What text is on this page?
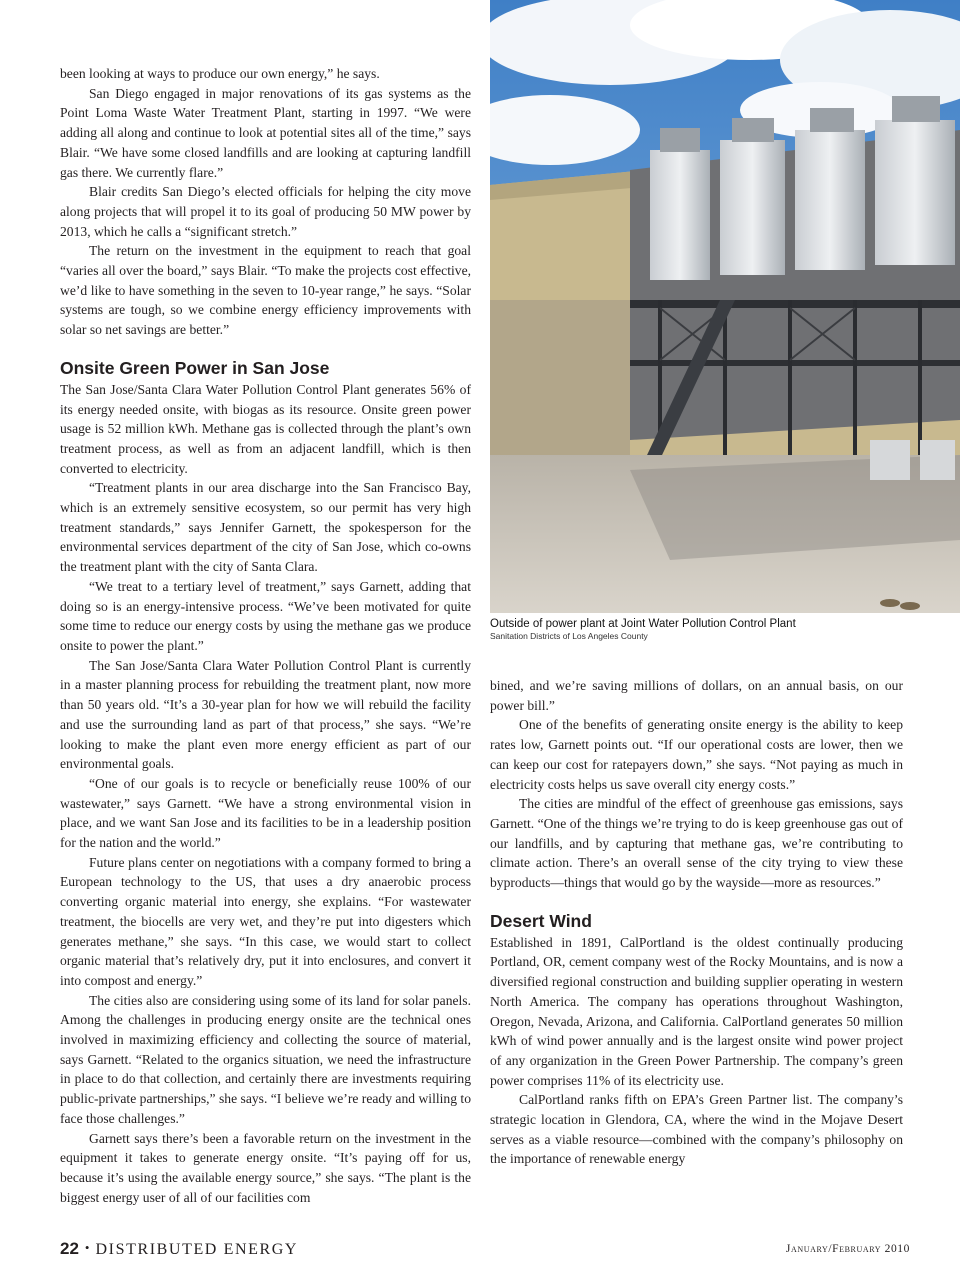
been looking at ways to produce our own energy,” he says.

San Diego engaged in major renovations of its gas systems as the Point Loma Waste Water Treatment Plant, starting in 1997. “We were adding all along and continue to look at potential sites all of the time,” says Blair. “We have some closed landfills and are looking at capturing landfill gas there. We currently flare.”

Blair credits San Diego’s elected officials for helping the city move along projects that will propel it to its goal of producing 50 MW power by 2013, which he calls a “significant stretch.”

The return on the investment in the equipment to reach that goal “varies all over the board,” says Blair. “To make the projects cost effective, we’d like to have something in the seven to 10-year range,” he says. “Solar systems are tough, so we combine energy efficiency improvements with solar so net savings are better.”

Onsite Green Power in San Jose

The San Jose/Santa Clara Water Pollution Control Plant generates 56% of its energy needed onsite, with biogas as its resource. Onsite green power usage is 52 million kWh. Methane gas is collected through the plant’s own treatment process, as well as from an adjacent landfill, which is then converted to electricity.

“Treatment plants in our area discharge into the San Francisco Bay, which is an extremely sensitive ecosystem, so our permit has very high treatment standards,” says Jennifer Garnett, the spokesperson for the environmental services department of the city of San Jose, which co-owns the treatment plant with the city of Santa Clara.

“We treat to a tertiary level of treatment,” says Garnett, adding that doing so is an energy-intensive process. “We’ve been motivated for quite some time to reduce our energy costs by using the methane gas we produce onsite to power the plant.”

The San Jose/Santa Clara Water Pollution Control Plant is currently in a master planning process for rebuilding the treatment plant, now more than 50 years old. “It’s a 30-year plan for how we will rebuild the facility and use the surrounding land as part of that process,” she says. “We’re looking to make the plant even more energy efficient as part of our environmental goals.

“One of our goals is to recycle or beneficially reuse 100% of our wastewater,” says Garnett. “We have a strong environmental vision in place, and we want San Jose and its facilities to be in a leadership position for the nation and the world.”

Future plans center on negotiations with a company formed to bring a European technology to the US, that uses a dry anaerobic process converting organic material into energy, she explains. “For wastewater treatment, the biocells are very wet, and they’re put into digesters which generates methane,” she says. “In this case, we would start to collect organic material that’s relatively dry, put it into enclosures, and convert it into compost and energy.”

The cities also are considering using some of its land for solar panels. Among the challenges in producing energy onsite are the technical ones involved in maximizing efficiency and collecting the source of material, says Garnett. “Related to the organics situation, we need the infrastructure in place to do that collection, and certainly there are investments requiring public-private partnerships,” she says. “I believe we’re ready and willing to face those challenges.”

Garnett says there’s been a favorable return on the investment in the equipment it takes to generate energy onsite. “It’s paying off for us, because it’s using the available energy source,” she says. “The plant is the biggest energy user of all of our facilities com

Outside of power plant at Joint Water Pollution Control Plant
Sanitation Districts of Los Angeles County

bined, and we’re saving millions of dollars, on an annual basis, on our power bill.”

One of the benefits of generating onsite energy is the ability to keep rates low, Garnett points out. “If our operational costs are lower, then we can keep our cost for ratepayers down,” she says. “Not paying as much in electricity costs helps us save overall city energy costs.”

The cities are mindful of the effect of greenhouse gas emissions, says Garnett. “One of the things we’re trying to do is keep greenhouse gas out of our landfills, and by capturing that methane gas, we’re contributing to climate action. There’s an overall sense of the city trying to view these byproducts—things that would go by the wayside—more as resources.”

Desert Wind

Established in 1891, CalPortland is the oldest continually producing Portland, OR, cement company west of the Rocky Mountains, and is now a diversified regional construction and building supplier operating in western North America. The company has operations throughout Washington, Oregon, Nevada, Arizona, and California. CalPortland generates 50 million kWh of wind power annually and is the largest onsite wind power project of any organization in the Green Power Partnership. The company’s green power comprises 11% of its electricity use.

CalPortland ranks fifth on EPA’s Green Partner list. The company’s strategic location in Glendora, CA, where the wind in the Mojave Desert serves as a viable resource—combined with the company’s philosophy on the importance of renewable energy

22 • DISTRIBUTED ENERGY	January/February 2010
